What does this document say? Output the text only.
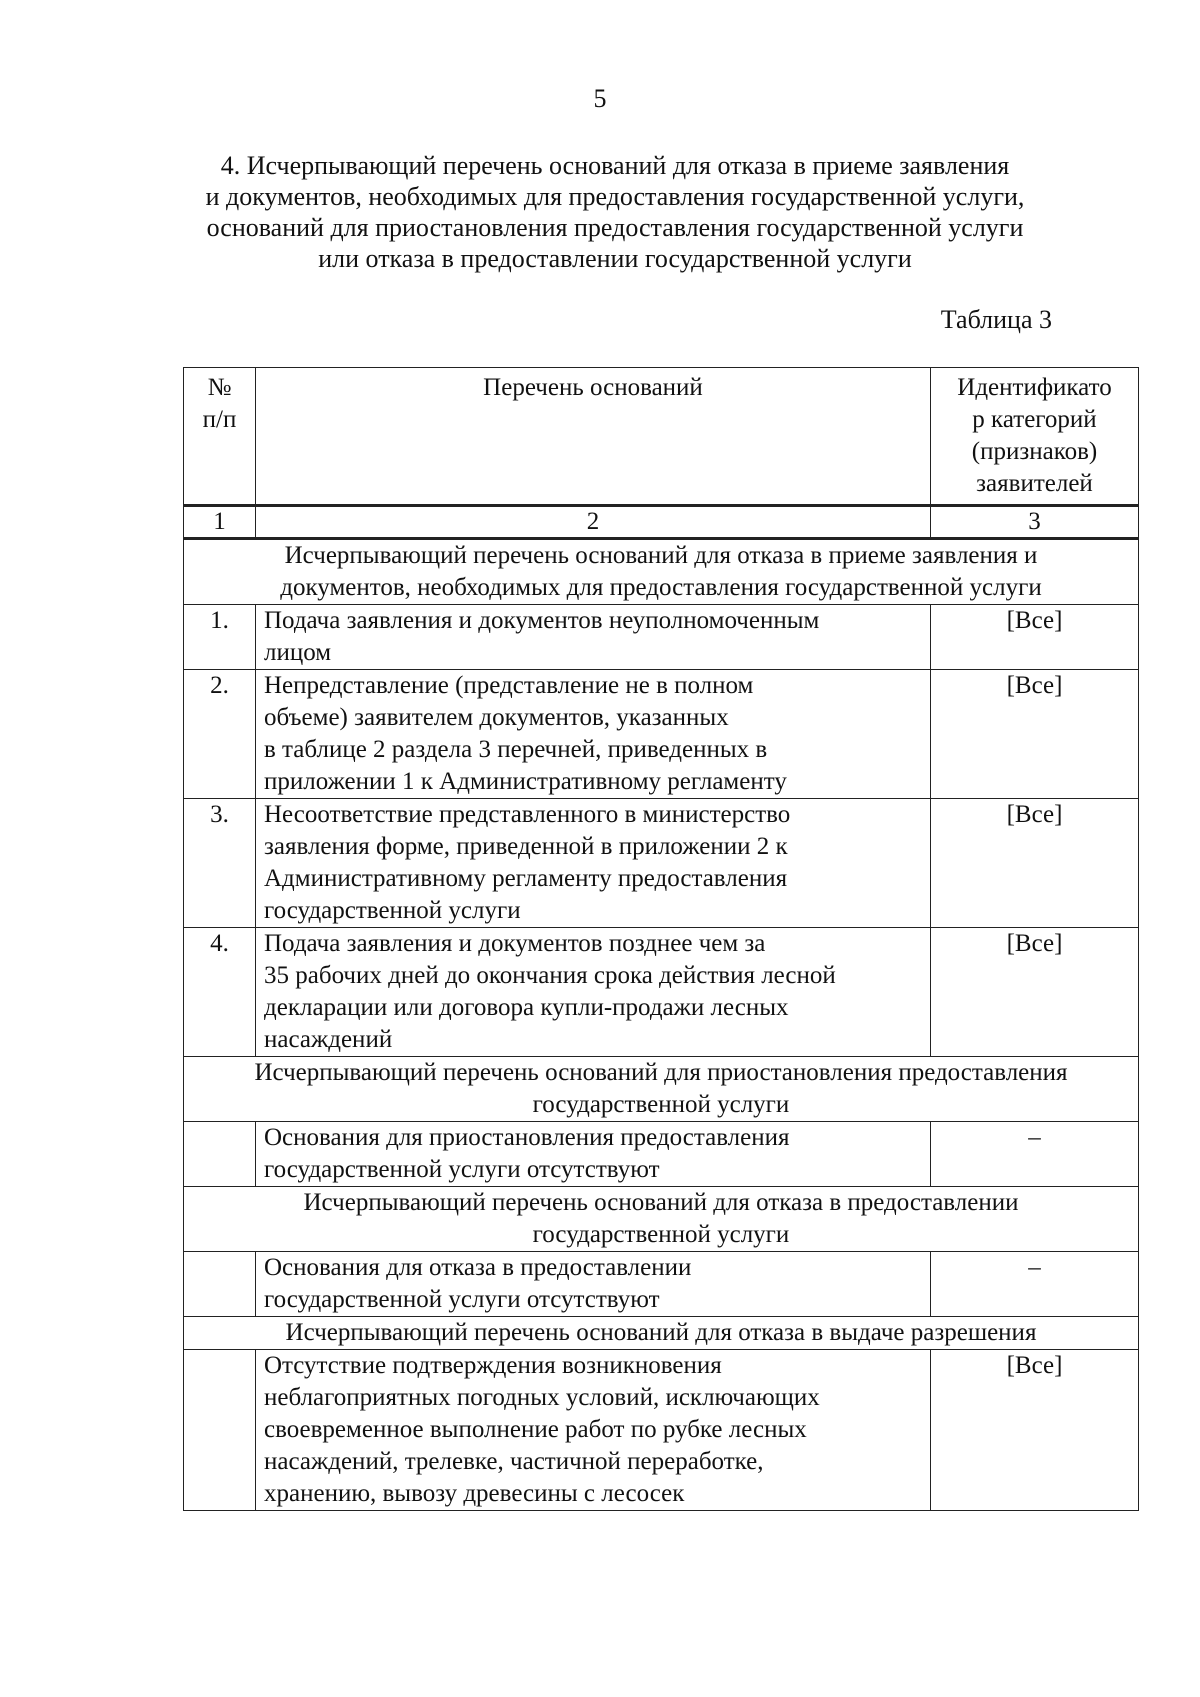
5
4. Исчерпывающий перечень оснований для отказа в приеме заявления
и документов, необходимых для предоставления государственной услуги,
оснований для приостановления предоставления государственной услуги
или отказа в предоставлении государственной услуги
Таблица 3
№
п/п	Перечень оснований	Идентификато
р категорий
(признаков)
заявителей

1	2	3

Исчерпывающий перечень оснований для отказа в приеме заявления и
документов, необходимых для предоставления государственной услуги		

1.	Подача заявления и документов неуполномоченным
лицом	[Все]
2.	Непредставление (представление не в полном
объеме) заявителем документов, указанных
в таблице 2 раздела 3 перечней, приведенных в
приложении 1 к Административному регламенту	[Все]
3.	Несоответствие представленного в министерство
заявления форме, приведенной в приложении 2 к
Административному регламенту предоставления
государственной услуги	[Все]
4.	Подача заявления и документов позднее чем за
35 рабочих дней до окончания срока действия лесной
декларации или договора купли-продажи лесных
насаждений	[Все]

Исчерпывающий перечень оснований для приостановления предоставления
государственной услуги		

	Основания для приостановления предоставления
государственной услуги отсутствуют	–

Исчерпывающий перечень оснований для отказа в предоставлении
государственной услуги		

	Основания для отказа в предоставлении
государственной услуги отсутствуют	–

Исчерпывающий перечень оснований для отказа в выдаче разрешения		

	Отсутствие подтверждения возникновения
неблагоприятных погодных условий, исключающих
своевременное выполнение работ по рубке лесных
насаждений, трелевке, частичной переработке,
хранению, вывозу древесины с лесосек	[Все]
